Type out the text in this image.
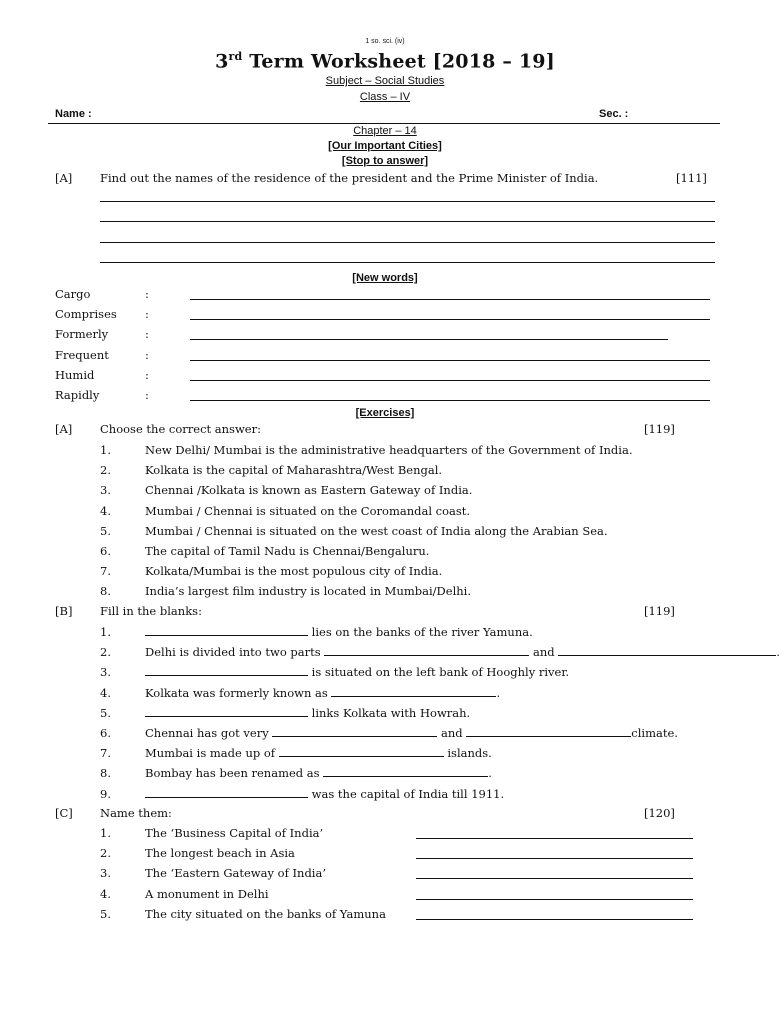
1 so. sci. (iv)
3rd Term Worksheet [2018 – 19]
Subject – Social Studies
Class – IV
Name :	Sec. :
Chapter – 14
[Our Important Cities]
[Stop to answer]
[A] Find out the names of the residence of the president and the Prime Minister of India.	[111]
[New words]
Cargo	:
Comprises :
Formerly	:
Frequent	:
Humid	:
Rapidly	:
[Exercises]
[A] Choose the correct answer:	[119]
1.	New Delhi/ Mumbai is the administrative headquarters of the Government of India.
2.	Kolkata is the capital of Maharashtra/West Bengal.
3.	Chennai /Kolkata is known as Eastern Gateway of India.
4.	Mumbai / Chennai is situated on the Coromandal coast.
5.	Mumbai / Chennai is situated on the west coast of India along the Arabian Sea.
6.	The capital of Tamil Nadu is Chennai/Bengaluru.
7.	Kolkata/Mumbai is the most populous city of India.
8.	India’s largest film industry is located in Mumbai/Delhi.
[B] Fill in the blanks:	[119]
1.	lies on the banks of the river Yamuna.
2.	Delhi is divided into two parts	and	.
3.	is situated on the left bank of Hooghly river.
4.	Kolkata was formerly known as	.
5.	links Kolkata with Howrah.
6.	Chennai has got very	and	climate.
7.	Mumbai is made up of	islands.
8.	Bombay has been renamed as	.
9.	was the capital of India till 1911.
[C] Name them:	[120]
1.	The ‘Business Capital of India’
2.	The longest beach in Asia
3.	The ‘Eastern Gateway of India’
4.	A monument in Delhi
5.	The city situated on the banks of Yamuna
